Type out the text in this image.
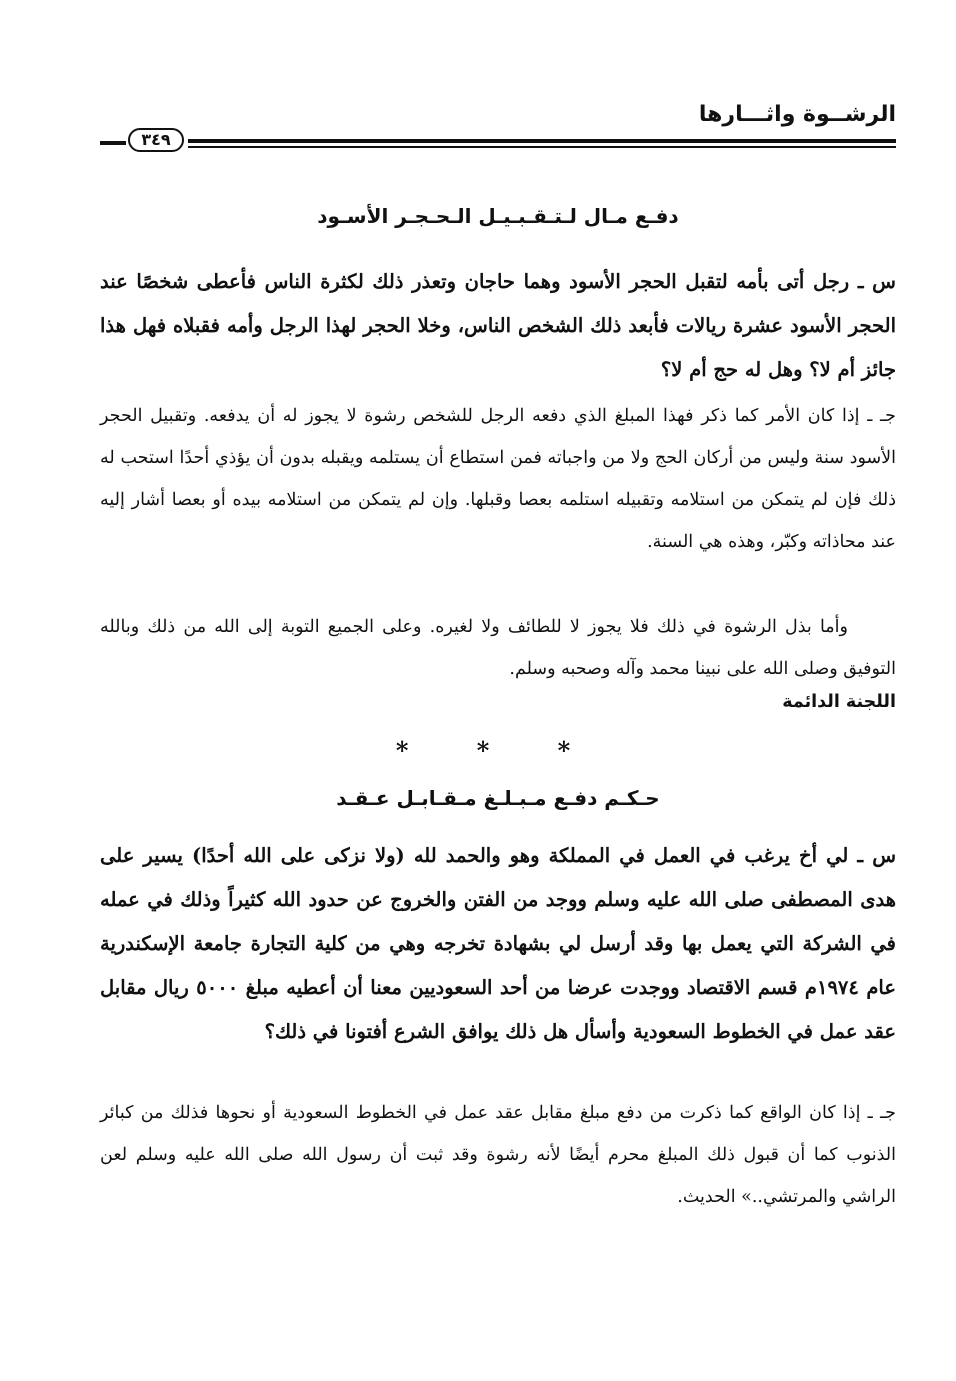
الرشــوة واثـــارها
٣٤٩
دفـع مـال لـتـقـبـيـل الـحـجـر الأسـود

س ـ رجل أتى بأمه لتقبل الحجر الأسود وهما حاجان وتعذر ذلك لكثرة الناس فأعطى شخصًا عند الحجر الأسود عشرة ريالات فأبعد ذلك الشخص الناس، وخلا الحجر لهذا الرجل وأمه فقبلاه فهل هذا جائز أم لا؟ وهل له حج أم لا؟

جـ ـ إذا كان الأمر كما ذكر فهذا المبلغ الذي دفعه الرجل للشخص رشوة لا يجوز له أن يدفعه. وتقبيل الحجر الأسود سنة وليس من أركان الحج ولا من واجباته فمن استطاع أن يستلمه ويقبله بدون أن يؤذي أحدًا استحب له ذلك فإن لم يتمكن من استلامه وتقبيله استلمه بعصا وقبلها. وإن لم يتمكن من استلامه بيده أو بعصا أشار إليه عند محاذاته وكبّر، وهذه هي السنة.

وأما بذل الرشوة في ذلك فلا يجوز لا للطائف ولا لغيره. وعلى الجميع التوبة إلى الله من ذلك وبالله التوفيق وصلى الله على نبينا محمد وآله وصحبه وسلم.

اللجنة الدائمة

* * *
حـكـم دفـع مـبـلـغ مـقـابـل عـقـد

س ـ لي أخ يرغب في العمل في المملكة وهو والحمد لله (ولا نزكى على الله أحدًا) يسير على هدى المصطفى صلى الله عليه وسلم ووجد من الفتن والخروج عن حدود الله كثيراً وذلك في عمله في الشركة التي يعمل بها وقد أرسل لي بشهادة تخرجه وهي من كلية التجارة جامعة الإسكندرية عام ١٩٧٤م قسم الاقتصاد ووجدت عرضا من أحد السعوديين معنا أن أعطيه مبلغ ٥٠٠٠ ريال مقابل عقد عمل في الخطوط السعودية وأسأل هل ذلك يوافق الشرع أفتونا في ذلك؟

جـ ـ إذا كان الواقع كما ذكرت من دفع مبلغ مقابل عقد عمل في الخطوط السعودية أو نحوها فذلك من كبائر الذنوب كما أن قبول ذلك المبلغ محرم أيضًا لأنه رشوة وقد ثبت أن رسول الله صلى الله عليه وسلم لعن الراشي والمرتشي..» الحديث.
